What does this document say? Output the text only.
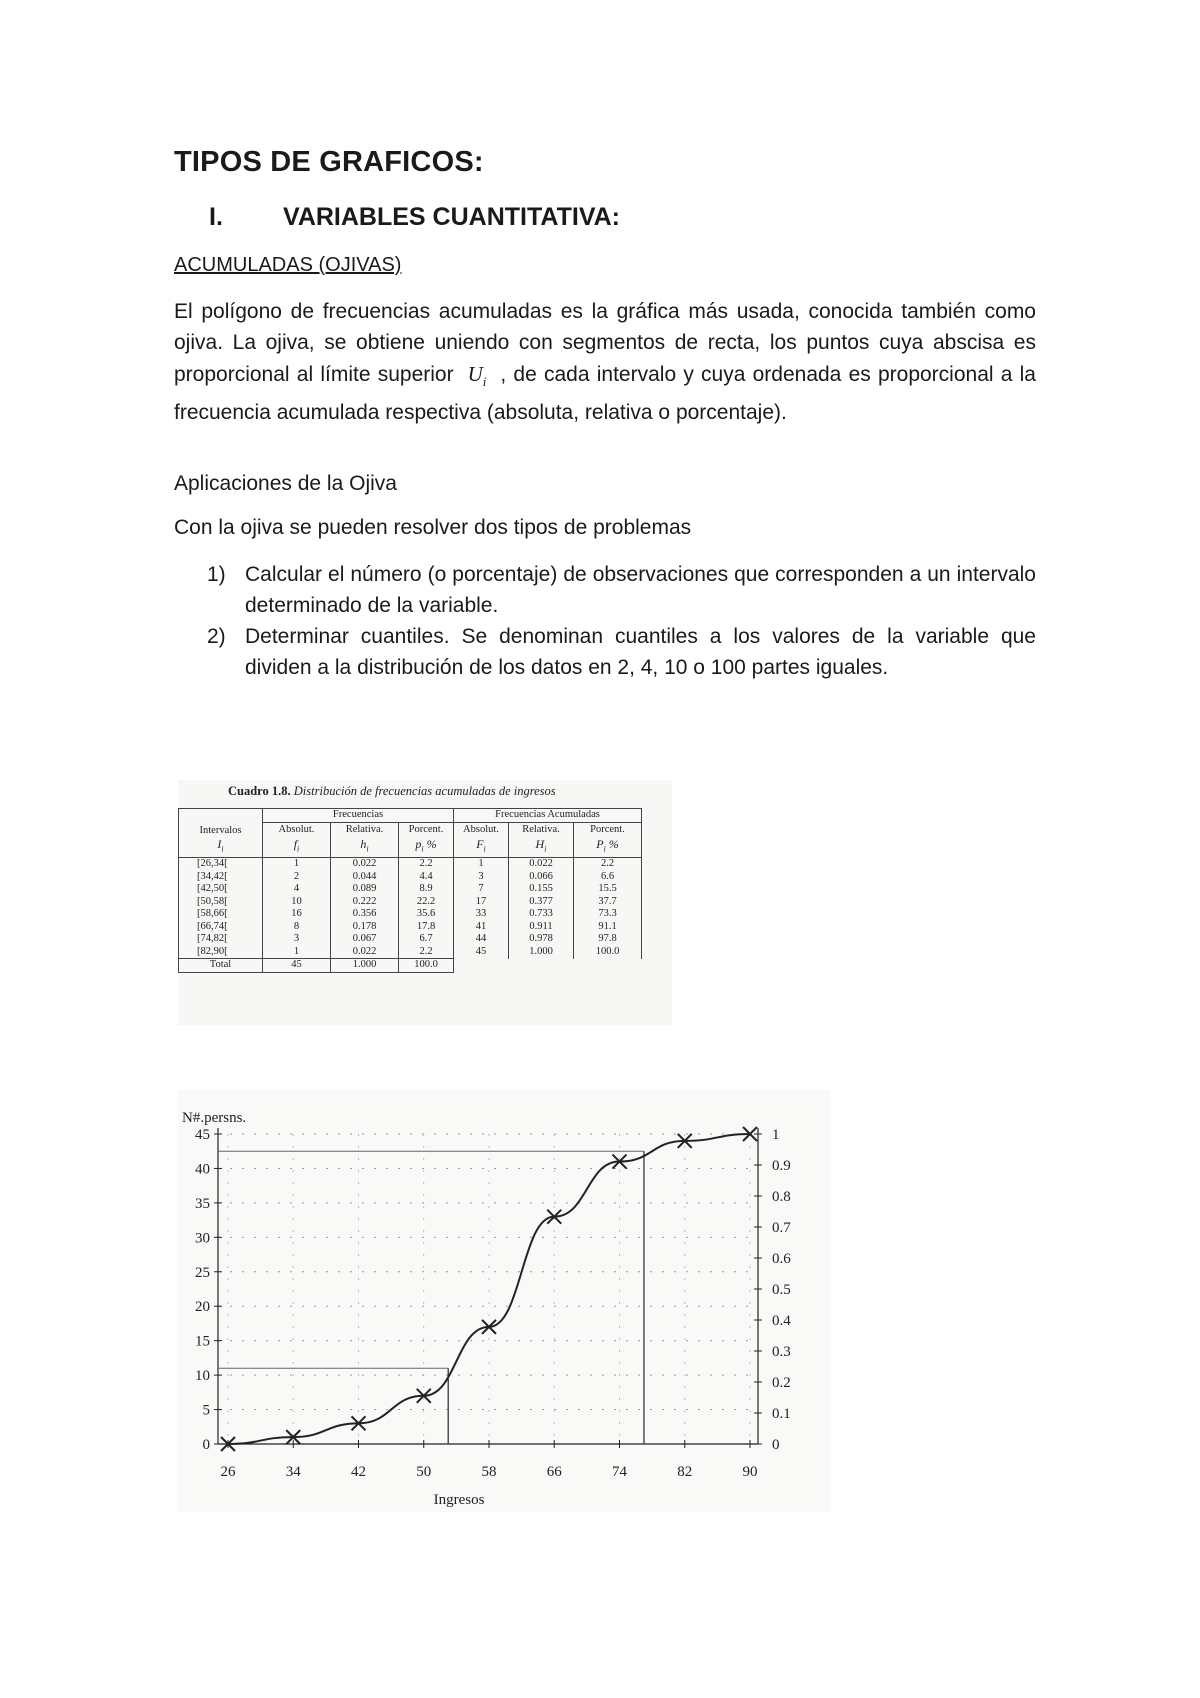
TIPOS DE GRAFICOS:
I. VARIABLES CUANTITATIVA:
ACUMULADAS (OJIVAS)
El polígono de frecuencias acumuladas es la gráfica más usada, conocida también como ojiva. La ojiva, se obtiene uniendo con segmentos de recta, los puntos cuya abscisa es proporcional al límite superior $U_i$ , de cada intervalo y cuya ordenada es proporcional a la frecuencia acumulada respectiva (absoluta, relativa o porcentaje).
Aplicaciones de la Ojiva
Con la ojiva se pueden resolver dos tipos de problemas
1) Calcular el número (o porcentaje) de observaciones que corresponden a un intervalo determinado de la variable.
2) Determinar cuantiles. Se denominan cuantiles a los valores de la variable que dividen a la distribución de los datos en 2, 4, 10 o 100 partes iguales.
Cuadro 1.8. Distribución de frecuencias acumuladas de ingresos
	Frecuencias			Frecuencias Acumuladas		
Intervalos	Absolut.	Relativa.	Porcent.	Absolut.	Relativa.	Porcent.
$I_i$	$f_i$	$h_i$	$p_i$ %	$F_i$	$H_i$	$P_i$ %
[26,34[	1	0.022	2.2	1	0.022	2.2
[34,42[	2	0.044	4.4	3	0.066	6.6
[42,50[	4	0.089	8.9	7	0.155	15.5
[50,58[	10	0.222	22.2	17	0.377	37.7
[58,66[	16	0.356	35.6	33	0.733	73.3
[66,74[	8	0.178	17.8	41	0.911	91.1
[74,82[	3	0.067	6.7	44	0.978	97.8
[82,90[	1	0.022	2.2	45	1.000	100.0
Total	45	1.000	100.0			
0
5
10
15
20
25
30
35
40
45
0
0.1
0.2
0.3
0.4
0.5
0.6
0.7
0.8
0.9
1
26	34	42	50	58	66	74	82	90
N#.persns.
Ingresos
